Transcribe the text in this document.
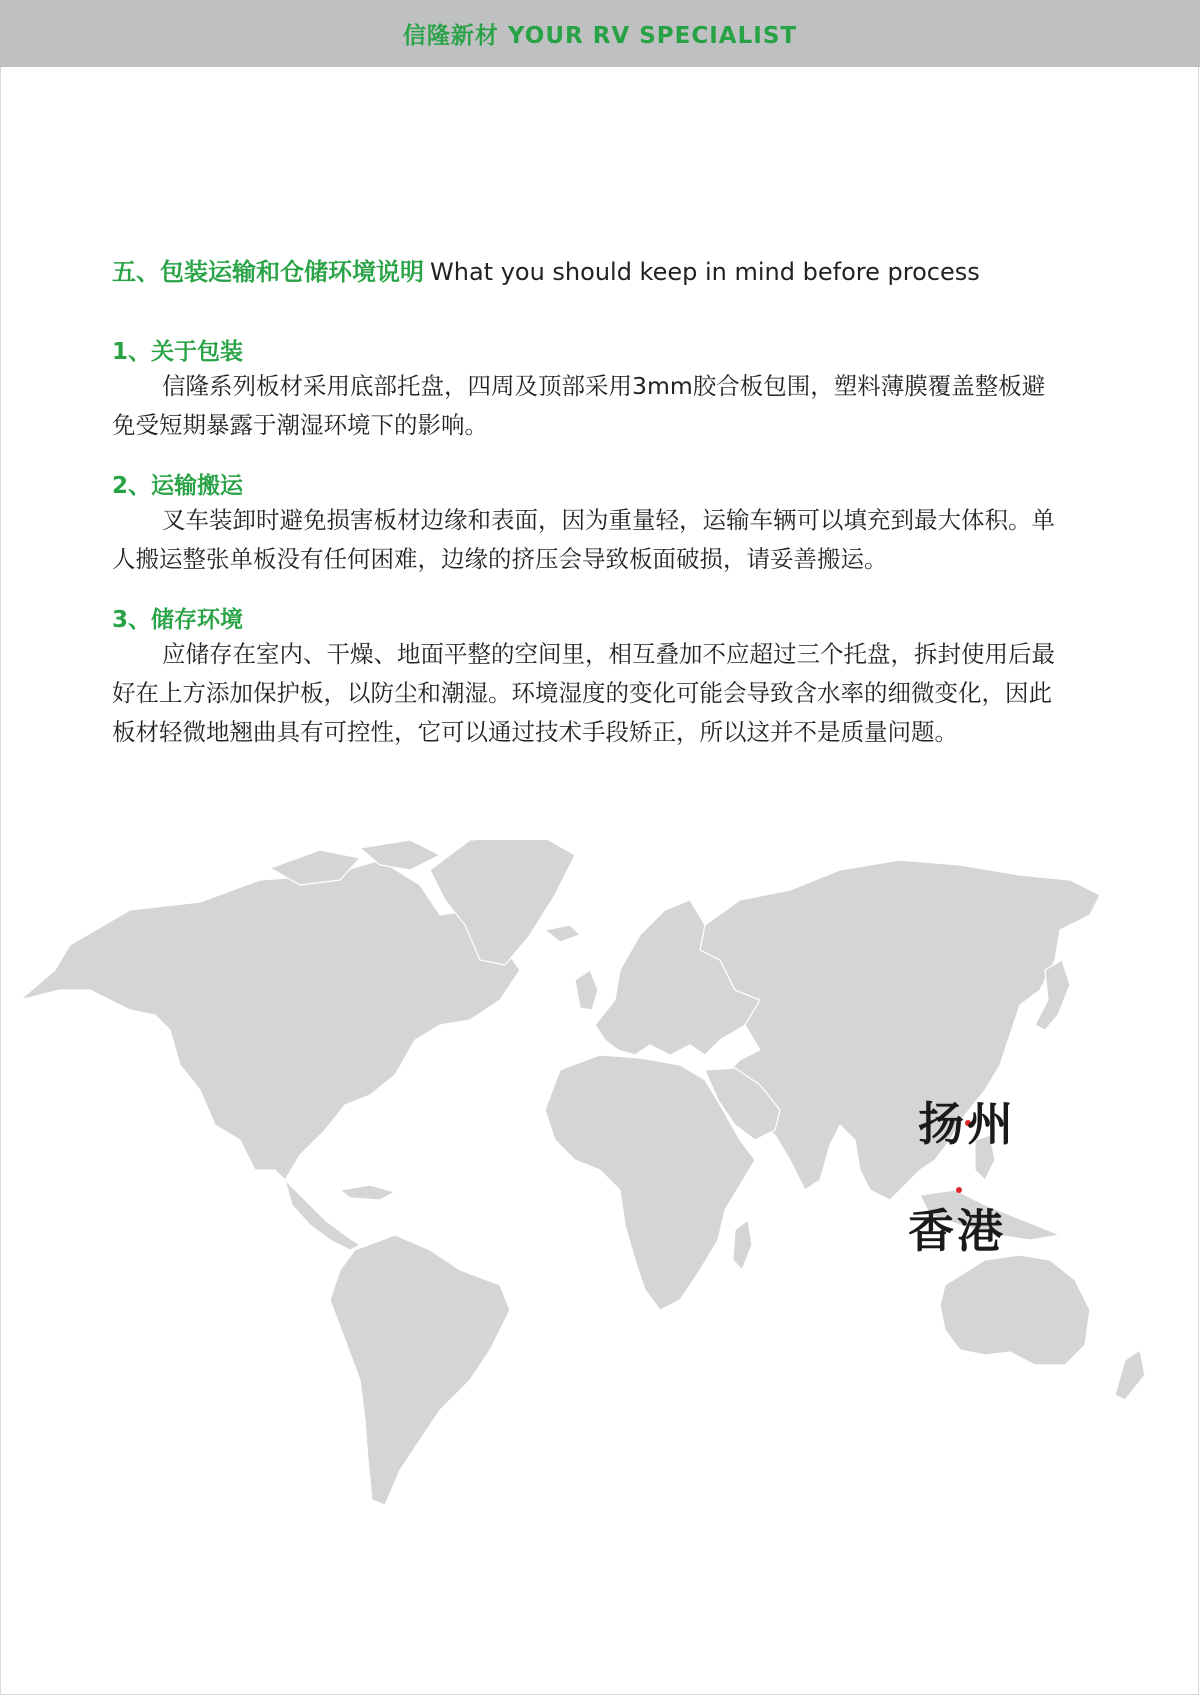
信隆新材 YOUR RV SPECIALIST
五、包装运输和仓储环境说明 What you should keep in mind before process
1、关于包装
信隆系列板材采用底部托盘，四周及顶部采用3mm胶合板包围，塑料薄膜覆盖整板避免受短期暴露于潮湿环境下的影响。
2、运输搬运
叉车装卸时避免损害板材边缘和表面，因为重量轻，运输车辆可以填充到最大体积。单人搬运整张单板没有任何困难，边缘的挤压会导致板面破损，请妥善搬运。
3、储存环境
应储存在室内、干燥、地面平整的空间里，相互叠加不应超过三个托盘，拆封使用后最好在上方添加保护板，以防尘和潮湿。环境湿度的变化可能会导致含水率的细微变化，因此板材轻微地翘曲具有可控性，它可以通过技术手段矫正，所以这并不是质量问题。
扬州
香港
